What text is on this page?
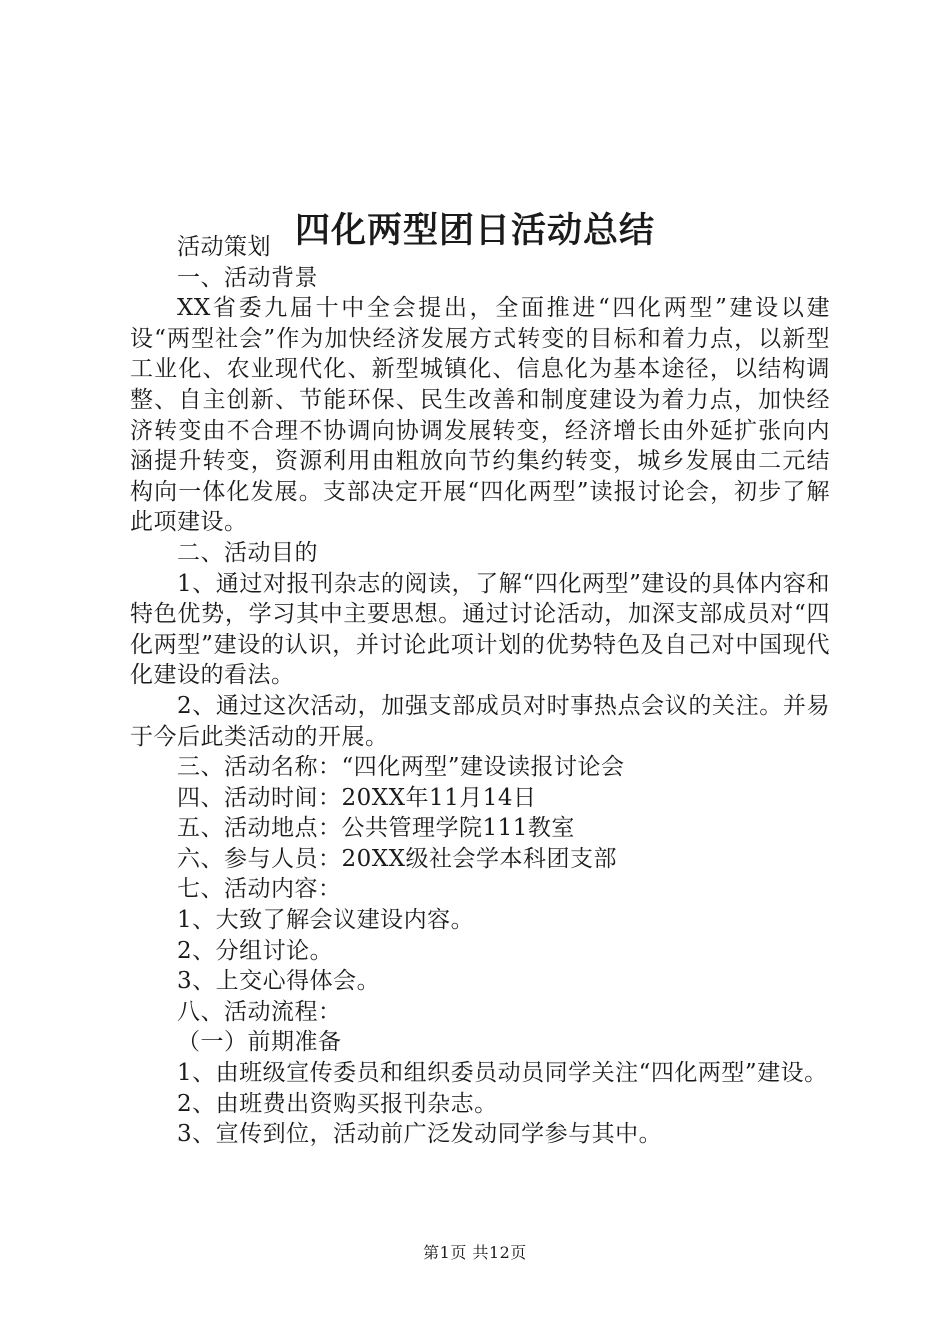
四化两型团日活动总结

活动策划

一、活动背景

XX省委九届十中全会提出，全面推进“四化两型”建设以建设“两型社会”作为加快经济发展方式转变的目标和着力点，以新型工业化、农业现代化、新型城镇化、信息化为基本途径，以结构调整、自主创新、节能环保、民生改善和制度建设为着力点，加快经济转变由不合理不协调向协调发展转变，经济增长由外延扩张向内涵提升转变，资源利用由粗放向节约集约转变，城乡发展由二元结构向一体化发展。支部决定开展“四化两型”读报讨论会，初步了解此项建设。

二、活动目的

1、通过对报刊杂志的阅读，了解“四化两型”建设的具体内容和特色优势，学习其中主要思想。通过讨论活动，加深支部成员对“四化两型”建设的认识，并讨论此项计划的优势特色及自己对中国现代化建设的看法。

2、通过这次活动，加强支部成员对时事热点会议的关注。并易于今后此类活动的开展。

三、活动名称：“四化两型”建设读报讨论会

四、活动时间：20XX年11月14日

五、活动地点：公共管理学院111教室

六、参与人员：20XX级社会学本科团支部

七、活动内容：

1、大致了解会议建设内容。

2、分组讨论。

3、上交心得体会。

八、活动流程：

（一）前期准备

1、由班级宣传委员和组织委员动员同学关注“四化两型”建设。

2、由班费出资购买报刊杂志。

3、宣传到位，活动前广泛发动同学参与其中。

第1页 共12页
